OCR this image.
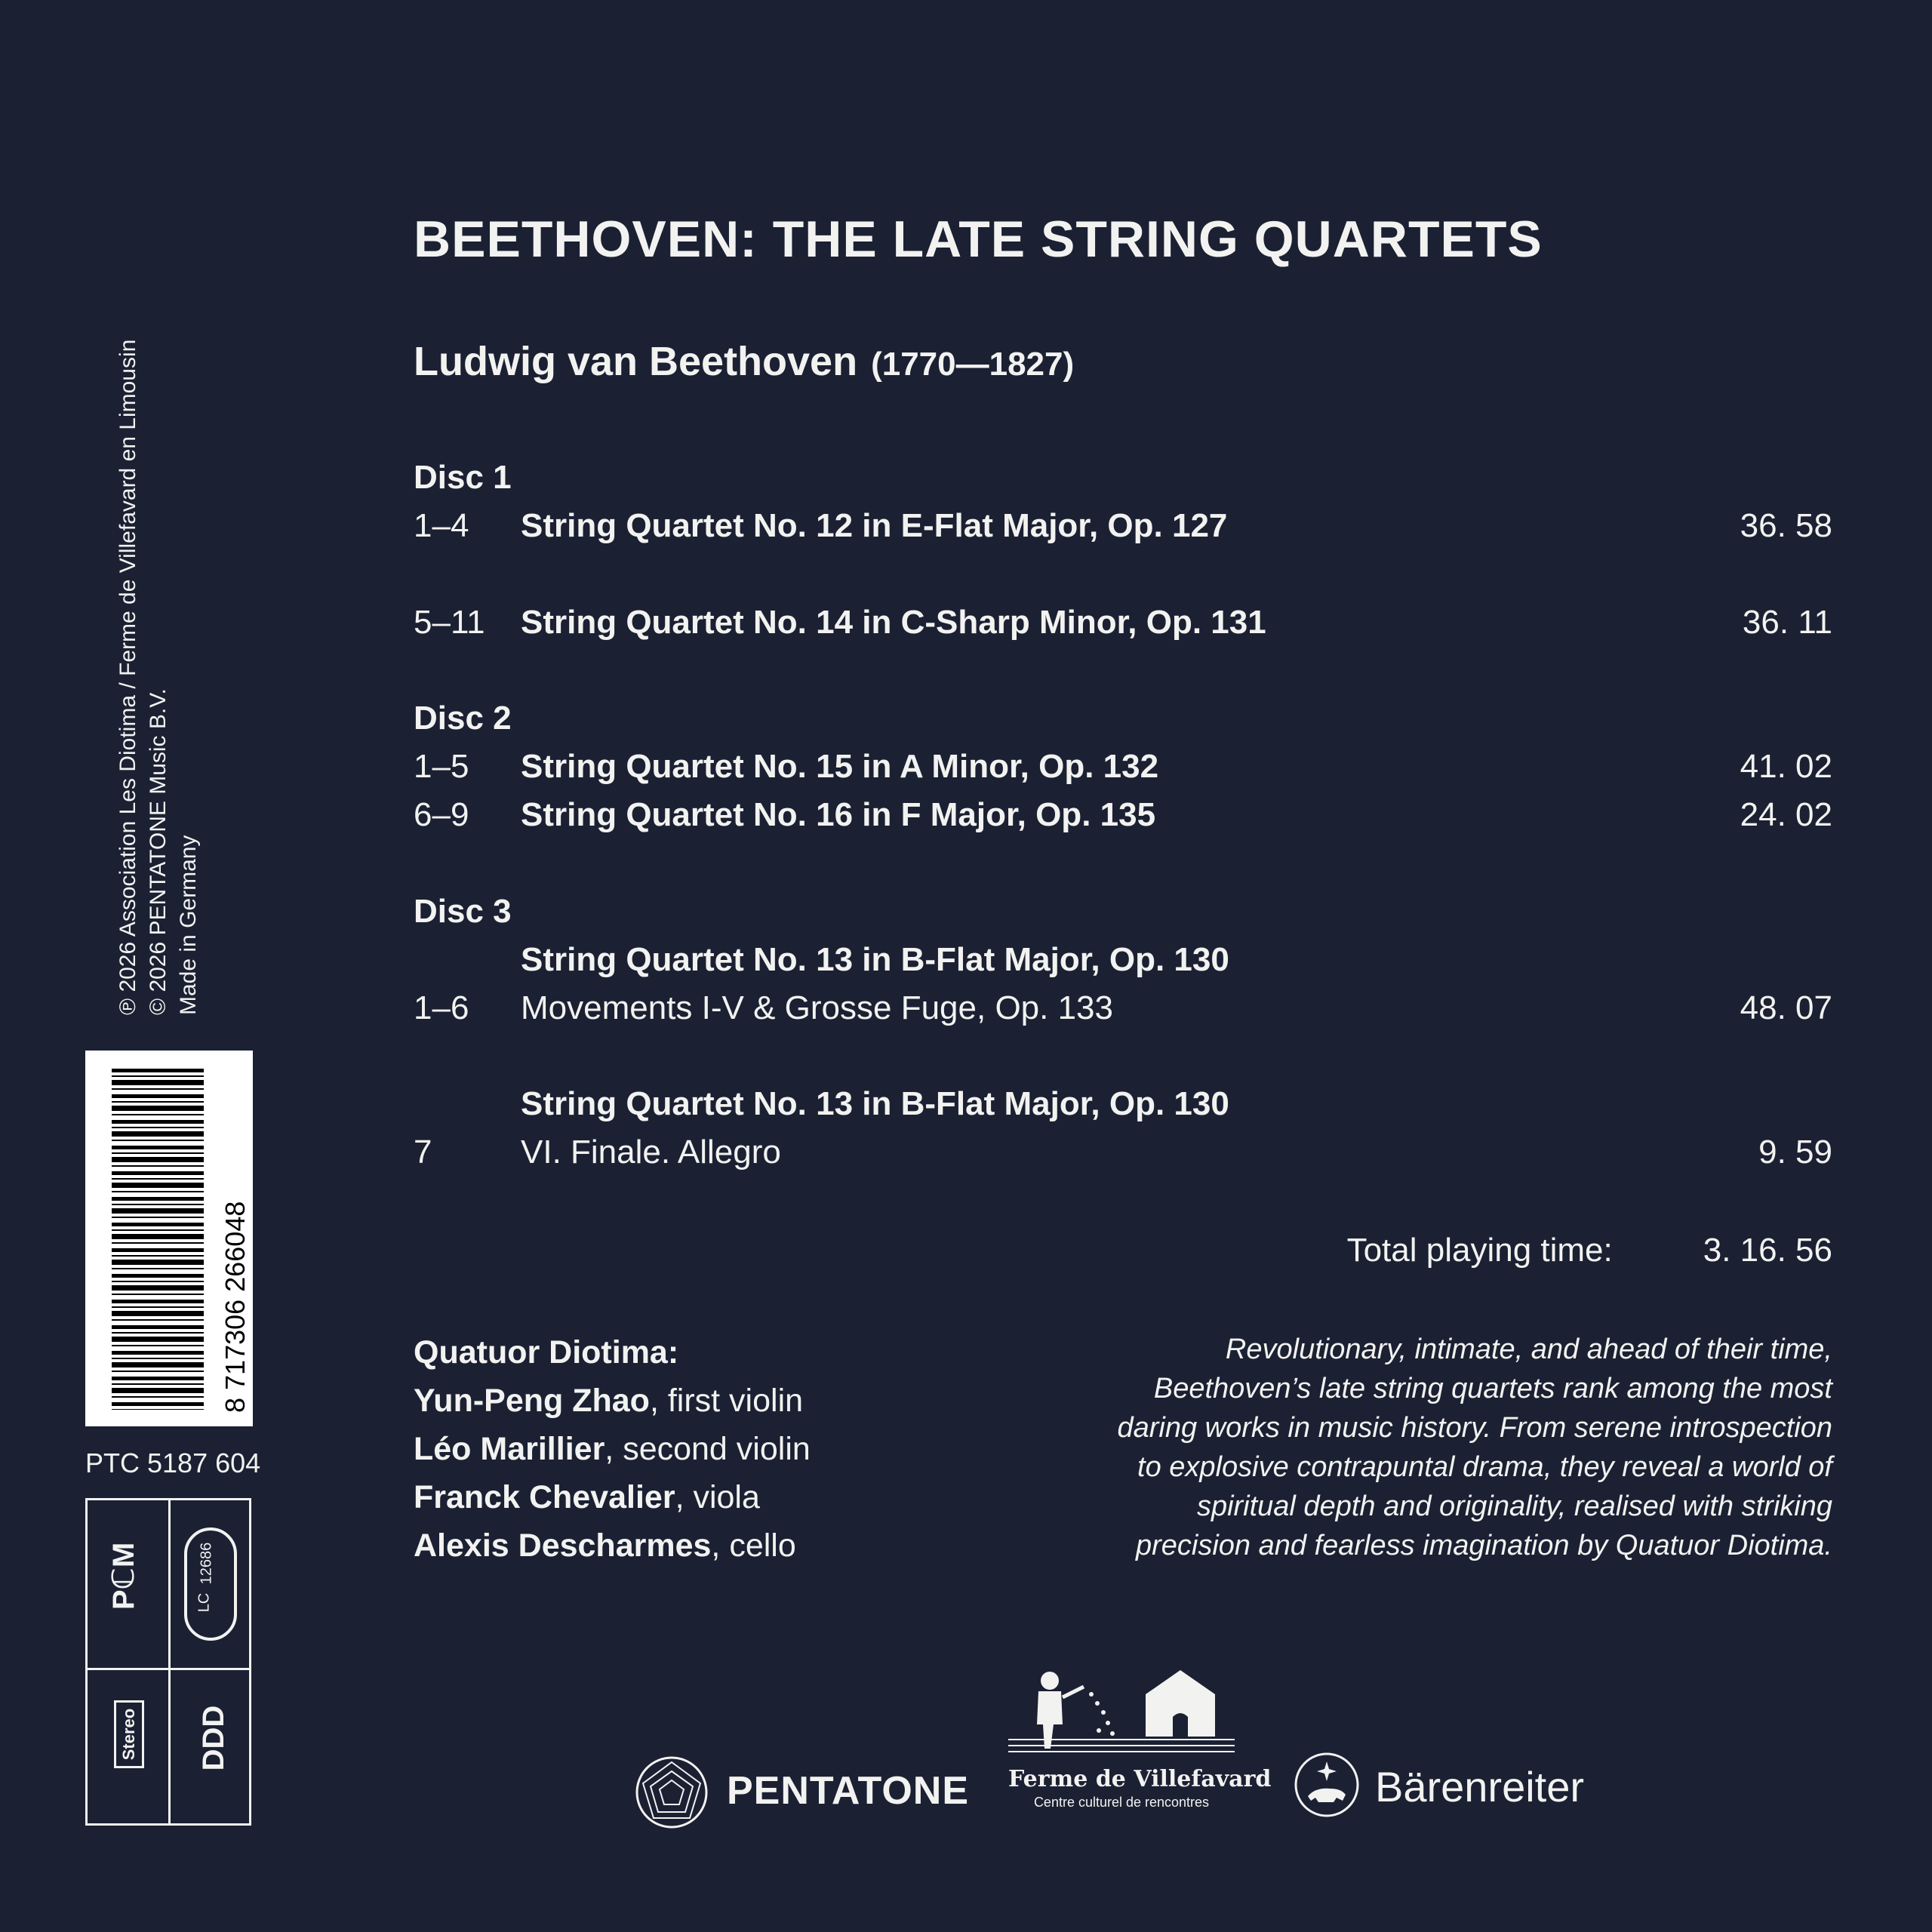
BEETHOVEN: THE LATE STRING QUARTETS
Ludwig van Beethoven (1770—1827)
Disc 1
1–4 String Quartet No. 12 in E-Flat Major, Op. 127	36. 58
5–11 String Quartet No. 14 in C-Sharp Minor, Op. 131	36. 11
Disc 2
1–5 String Quartet No. 15 in A Minor, Op. 132	41. 02
6–9 String Quartet No. 16 in F Major, Op. 135	24. 02
Disc 3
String Quartet No. 13 in B-Flat Major, Op. 130
1–6 Movements I-V & Grosse Fuge, Op. 133	48. 07
String Quartet No. 13 in B-Flat Major, Op. 130
7	VI. Finale. Allegro	9. 59
Total playing time:	3. 16. 56
Quatuor Diotima:
Yun-Peng Zhao, first violin
Léo Marillier, second violin
Franck Chevalier, viola
Alexis Descharmes, cello
Revolutionary, intimate, and ahead of their time,
Beethoven’s late string quartets rank among the most
daring works in music history. From serene introspection
to explosive contrapuntal drama, they reveal a world of
spiritual depth and originality, realised with striking
precision and fearless imagination by Quatuor Diotima.
℗ 2026 Association Les Diotima / Ferme de Villefavard en Limousin © 2026 PENTATONE Music B.V. Made in Germany
8 717306 266048
PTC 5187 604
PℂM	LC
12686
Stereo DDD
PENTATONE Ferme de Villefavard
Centre culturel de rencontres	Bärenreiter
